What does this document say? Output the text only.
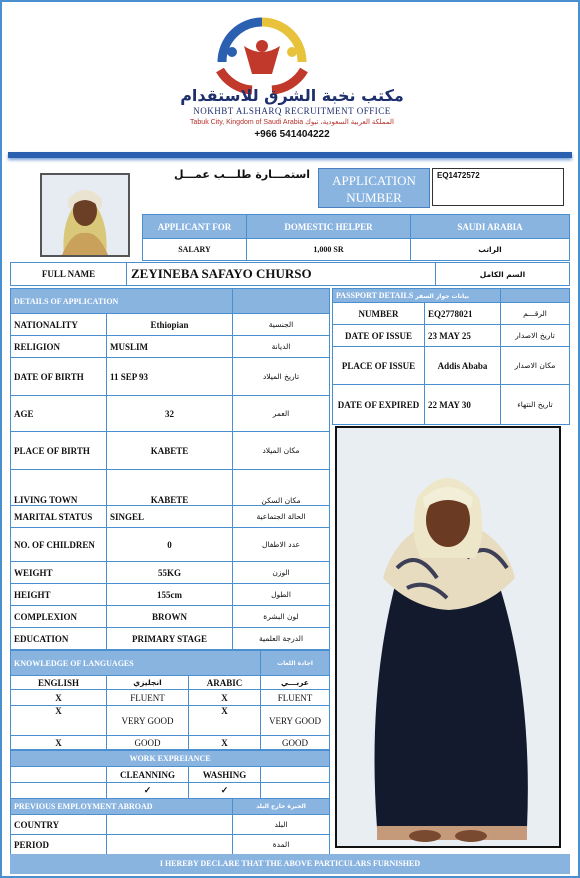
مكتب نخبة الشرق للاستقدام
NOKHBT ALSHARQ RECRUITMENT OFFICE
Tabuk City, Kingdom of Saudi Arabia المملكة العربية السعودية، تبوك
+966 541404222
استمـــارة طلـــب عمـــل	APPLICATION NUMBER
EQ1472572
APPLICANT FOR	DOMESTIC HELPER	SAUDI ARABIA
SALARY	1,000 SR	الراتب
FULL NAME	ZEYINEBA SAFAYO CHURSO	السم الكامل
DETAILS OF APPLICATION		
NATIONALITY	Ethiopian	الجنسية
RELIGION	MUSLIM	الديانة
DATE OF BIRTH	11 SEP 93	تاريخ الميلاد
AGE	32	العمر
PLACE OF BIRTH	KABETE	مكان الميلاد
LIVING TOWN	KABETE	مكان السكن
MARITAL STATUS	SINGEL	الحالة الجتماعية
NO. OF CHILDREN	0	عدد الاطفال
WEIGHT	55KG	الوزن
HEIGHT	155cm	الطول
COMPLEXION	BROWN	لون البشرة
EDUCATION	PRIMARY STAGE	الدرجة العلمية
PASSPORT DETAILS بيانات جواز السفر		
NUMBER	EQ2778021	الرقـــم
DATE OF ISSUE	23 MAY 25	تاريخ الاصدار
PLACE OF ISSUE	Addis Ababa	مكان الاصدار
DATE OF EXPIRED	22 MAY 30	تاريخ النتهاء
KNOWLEDGE OF LANGUAGES			اجادة اللغات
ENGLISH	انجليزي	ARABIC	عربـــي
X	FLUENT	X	FLUENT
X	VERY GOOD	X	VERY GOOD
X	GOOD	X	GOOD
WORK EXPREIANCE			
	CLEANNING	WASHING	
	✓	✓	
PREVIOUS EMPLOYMENT ABROAD		الخبرة خارج البلد
COUNTRY		البلد
PERIOD		المدة
I HEREBY DECLARE THAT THE ABOVE PARTICULARS FURNISHED
